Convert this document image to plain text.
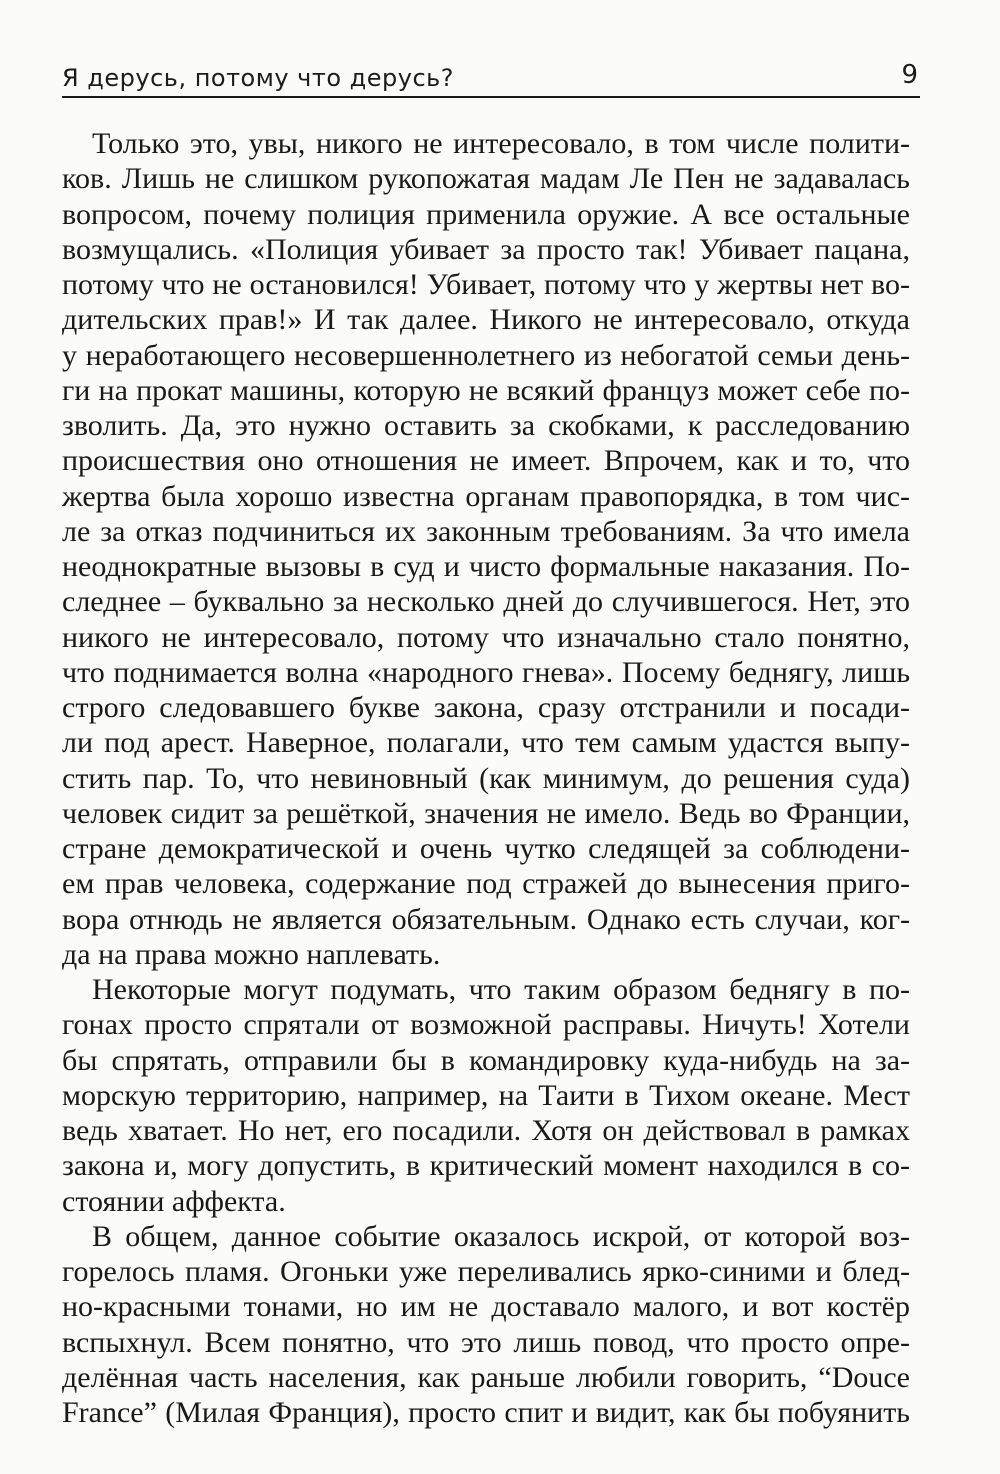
Я дерусь, потому что дерусь?	9
Только это, увы, никого не интересовало, в том числе полити-
ков. Лишь не слишком рукопожатая мадам Ле Пен не задавалась
вопросом, почему полиция применила оружие. А все остальные
возмущались. «Полиция убивает за просто так! Убивает пацана,
потому что не остановился! Убивает, потому что у жертвы нет во-
дительских прав!» И так далее. Никого не интересовало, откуда
у неработающего несовершеннолетнего из небогатой семьи день-
ги на прокат машины, которую не всякий француз может себе по-
зволить. Да, это нужно оставить за скобками, к расследованию
происшествия оно отношения не имеет. Впрочем, как и то, что
жертва была хорошо известна органам правопорядка, в том чис-
ле за отказ подчиниться их законным требованиям. За что имела
неоднократные вызовы в суд и чисто формальные наказания. По-
следнее – буквально за несколько дней до случившегося. Нет, это
никого не интересовало, потому что изначально стало понятно,
что поднимается волна «народного гнева». Посему беднягу, лишь
строго следовавшего букве закона, сразу отстранили и посади-
ли под арест. Наверное, полагали, что тем самым удастся выпу-
стить пар. То, что невиновный (как минимум, до решения суда)
человек сидит за решёткой, значения не имело. Ведь во Франции,
стране демократической и очень чутко следящей за соблюдени-
ем прав человека, содержание под стражей до вынесения приго-
вора отнюдь не является обязательным. Однако есть случаи, ког-
да на права можно наплевать.
Некоторые могут подумать, что таким образом беднягу в по-
гонах просто спрятали от возможной расправы. Ничуть! Хотели
бы спрятать, отправили бы в командировку куда-нибудь на за-
морскую территорию, например, на Таити в Тихом океане. Мест
ведь хватает. Но нет, его посадили. Хотя он действовал в рамках
закона и, могу допустить, в критический момент находился в со-
стоянии аффекта.
В общем, данное событие оказалось искрой, от которой воз-
горелось пламя. Огоньки уже переливались ярко-синими и блед-
но-красными тонами, но им не доставало малого, и вот костёр
вспыхнул. Всем понятно, что это лишь повод, что просто опре-
делённая часть населения, как раньше любили говорить, “Douce
France” (Милая Франция), просто спит и видит, как бы побуянить
